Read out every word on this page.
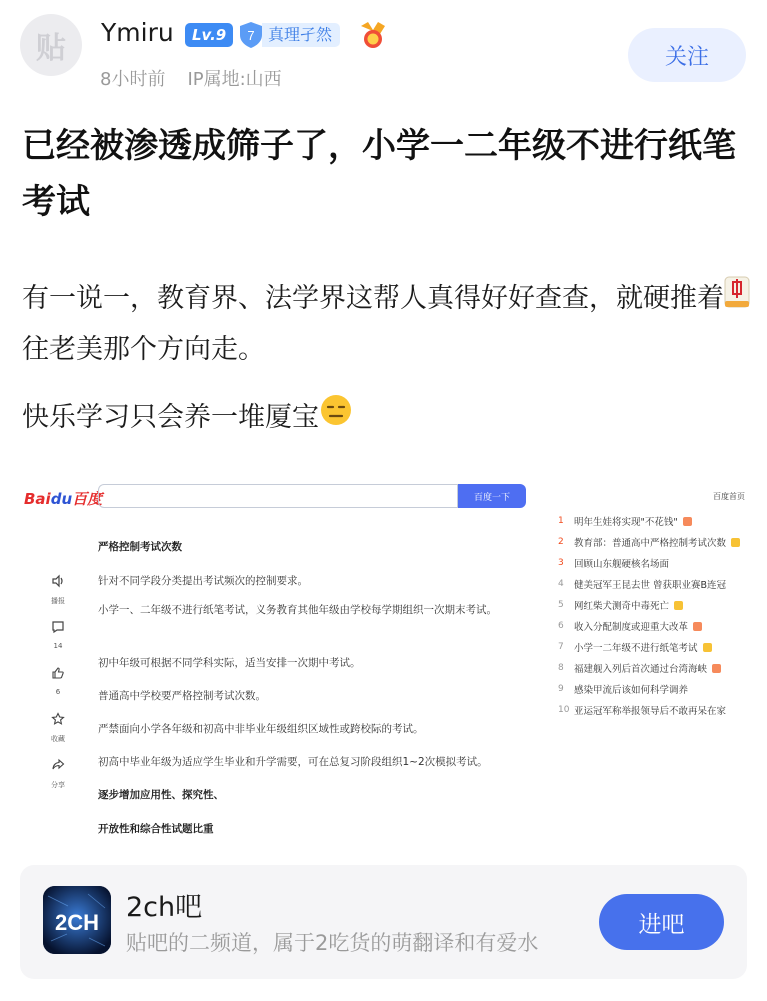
贴 Ymiru	Lv.9	7 真理孑然
8小时前 IP属地:山西
关注
已经被渗透成筛子了，小学一二年级不进行纸笔考试
有一说一，教育界、法学界这帮人真得好好查查，就硬推着往老美那个方向走。
快乐学习只会养一堆厦宝
Baidu百度	百度一下	百度首页
播报
14
6
收藏
分享
严格控制考试次数
针对不同学段分类提出考试频次的控制要求。
小学一、二年级不进行纸笔考试，义务教育其他年级由学校每学期组织一次期末考试。
初中年级可根据不同学科实际，适当安排一次期中考试。
普通高中学校要严格控制考试次数。
严禁面向小学各年级和初高中非毕业年级组织区域性或跨校际的考试。
初高中毕业年级为适应学生毕业和升学需要，可在总复习阶段组织1~2次模拟考试。
逐步增加应用性、探究性、
开放性和综合性试题比重
1	明年生娃将实现"不花钱"
2	教育部：普通高中严格控制考试次数
3	回顾山东舰硬核名场面
4	健美冠军王昆去世 曾获职业赛B连冠
5	网红柴犬测奇中毒死亡
6	收入分配制度或迎重大改革
7	小学一二年级不进行纸笔考试
8	福建舰入列后首次通过台湾海峡
9	感染甲流后该如何科学调养
10 亚运冠军称举报领导后不敢再呆在家
2CH 2ch吧
贴吧的二频道，属于2吃货的萌翻译和有爱水
进吧
